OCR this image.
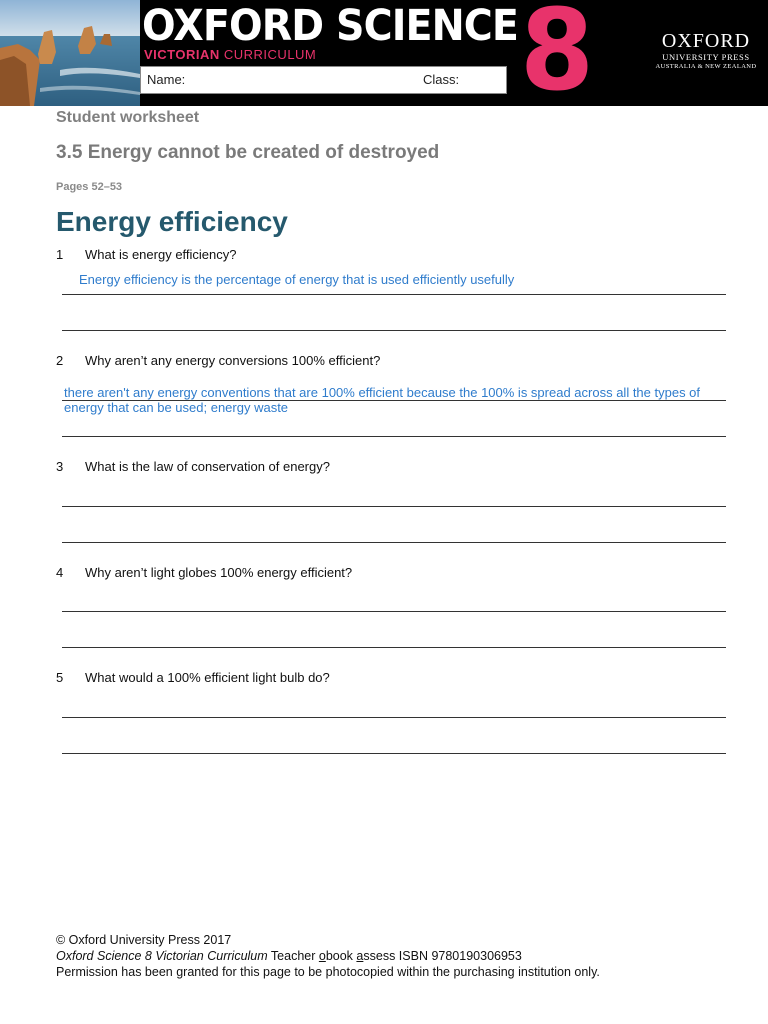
OXFORD SCIENCE
VICTORIAN CURRICULUM
Name:	Class: 8	OXFORD
UNIVERSITY PRESS
AUSTRALIA & NEW ZEALAND
Student worksheet
3.5 Energy cannot be created of destroyed
Pages 52–53
Energy efficiency
1 What is energy efficiency?
Energy efficiency is the percentage of energy that is used efficiently usefully
2 Why aren’t any energy conversions 100% efficient?
there aren't any energy conventions that are 100% efficient because the 100% is spread across all the types of
energy that can be used; energy waste
3 What is the law of conservation of energy?
4 Why aren’t light globes 100% energy efficient?
5 What would a 100% efficient light bulb do?
© Oxford University Press 2017
Oxford Science 8 Victorian Curriculum Teacher obook assess ISBN 9780190306953
Permission has been granted for this page to be photocopied within the purchasing institution only.
